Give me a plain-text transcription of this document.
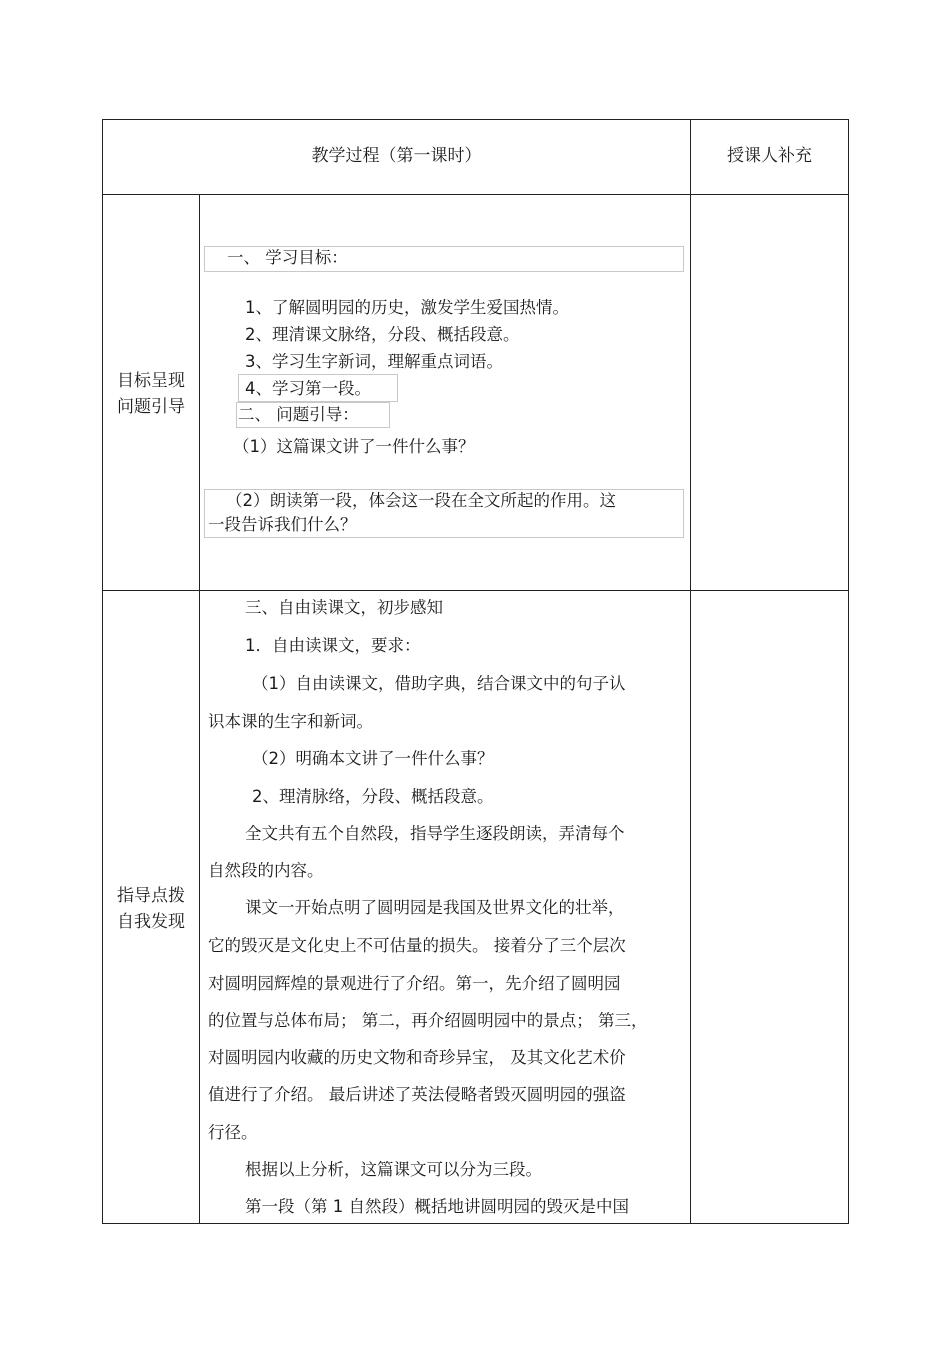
教学过程（第一课时）	授课人补充
目标呈现
问题引导
一、 学习目标：
1、了解圆明园的历史，激发学生爱国热情。
2、理清课文脉络，分段、概括段意。
3、学习生字新词，理解重点词语。
4、学习第一段。
二、 问题引导：
（1）这篇课文讲了一件什么事？
（2）朗读第一段，体会这一段在全文所起的作用。这
一段告诉我们什么？
指导点拨
自我发现
三、自由读课文，初步感知
1．自由读课文，要求：
（1）自由读课文，借助字典，结合课文中的句子认
识本课的生字和新词。
（2）明确本文讲了一件什么事？
2、理清脉络，分段、概括段意。
全文共有五个自然段，指导学生逐段朗读，弄清每个
自然段的内容。
课文一开始点明了圆明园是我国及世界文化的壮举，
它的毁灭是文化史上不可估量的损失。 接着分了三个层次
对圆明园辉煌的景观进行了介绍。第一，先介绍了圆明园
的位置与总体布局； 第二，再介绍圆明园中的景点； 第三，
对圆明园内收藏的历史文物和奇珍异宝， 及其文化艺术价
值进行了介绍。 最后讲述了英法侵略者毁灭圆明园的强盗
行径。
根据以上分析，这篇课文可以分为三段。
第一段（第 1 自然段）概括地讲圆明园的毁灭是中国
